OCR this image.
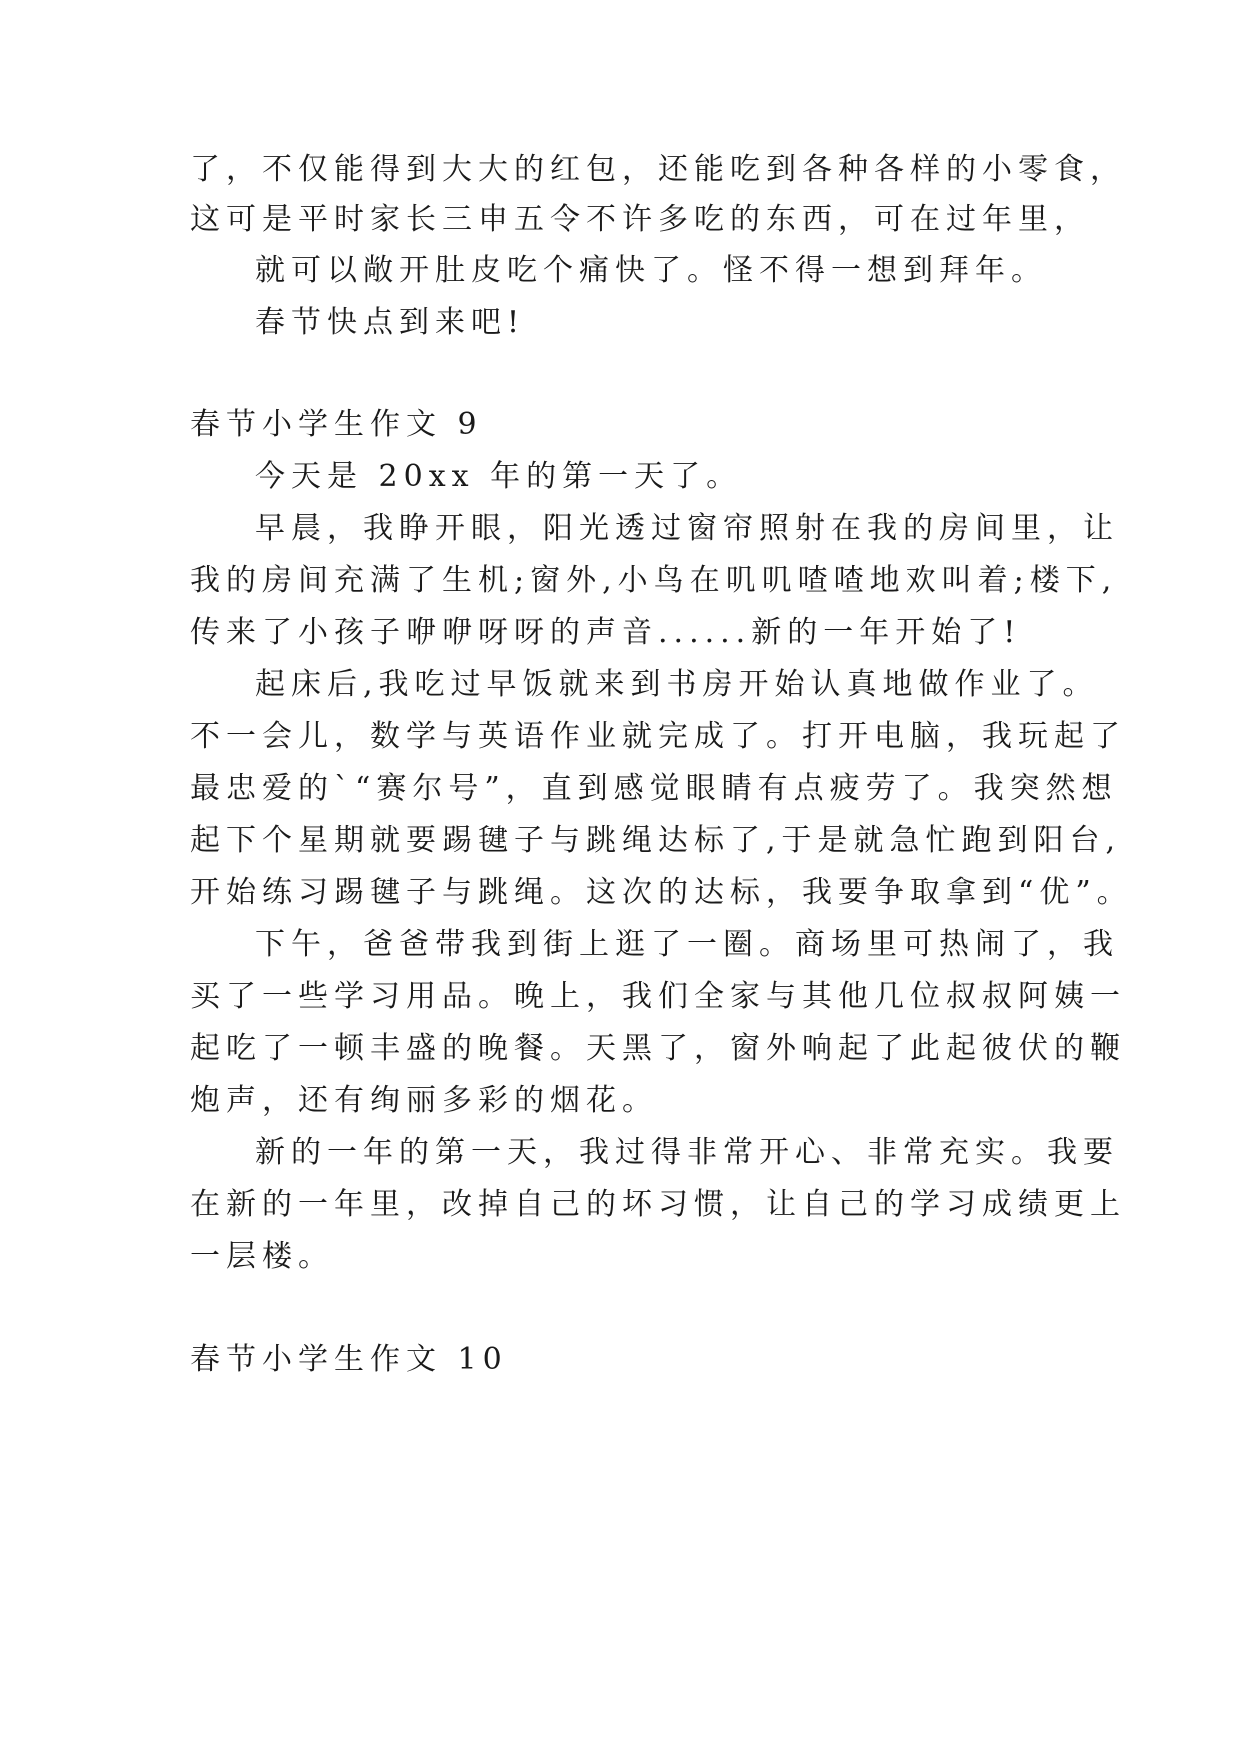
了，不仅能得到大大的红包，还能吃到各种各样的小零食，
这可是平时家长三申五令不许多吃的东西，可在过年里，
就可以敞开肚皮吃个痛快了。怪不得一想到拜年。
春节快点到来吧!
春节小学生作文 9
今天是 20xx 年的第一天了。
早晨，我睁开眼，阳光透过窗帘照射在我的房间里，让
我的房间充满了生机;窗外,小鸟在叽叽喳喳地欢叫着;楼下,
传来了小孩子咿咿呀呀的声音......新的一年开始了!
起床后,我吃过早饭就来到书房开始认真地做作业了。
不一会儿，数学与英语作业就完成了。打开电脑，我玩起了
最忠爱的`“赛尔号”，直到感觉眼睛有点疲劳了。我突然想
起下个星期就要踢毽子与跳绳达标了,于是就急忙跑到阳台,
开始练习踢毽子与跳绳。这次的达标，我要争取拿到“优”。
下午，爸爸带我到街上逛了一圈。商场里可热闹了，我
买了一些学习用品。晚上，我们全家与其他几位叔叔阿姨一
起吃了一顿丰盛的晚餐。天黑了，窗外响起了此起彼伏的鞭
炮声，还有绚丽多彩的烟花。
新的一年的第一天，我过得非常开心、非常充实。我要
在新的一年里，改掉自己的坏习惯，让自己的学习成绩更上
一层楼。
春节小学生作文 10
